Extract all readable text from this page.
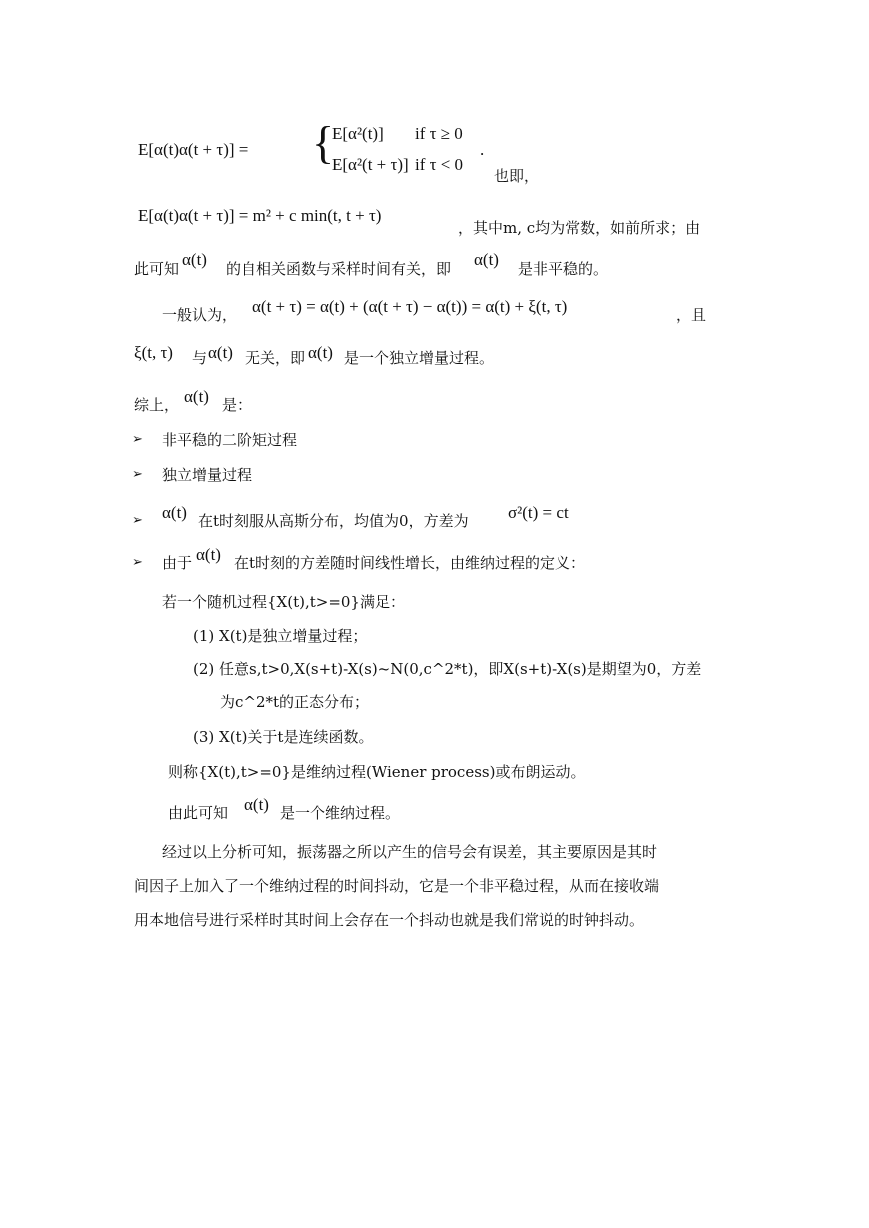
E[α(t)α(t + τ)] = {
E[α²(t)] if τ ≥ 0
E[α²(t + τ)] if τ < 0
.
也即，
E[α(t)α(t + τ)] = m² + c min(t, t + τ)
，其中m, c均为常数，如前所求；由
此可知 α(t) 的自相关函数与采样时间有关，即 α(t) 是非平稳的。
一般认为， α(t + τ) = α(t) + (α(t + τ) − α(t)) = α(t) + ξ(t, τ)	，且
ξ(t, τ) 与 α(t) 无关，即 α(t) 是一个独立增量过程。
综上， α(t) 是：
➢ 非平稳的二阶矩过程
➢ 独立增量过程
➢ α(t) 在t时刻服从高斯分布，均值为0，方差为 σ²(t) = ct
➢ 由于 α(t) 在t时刻的方差随时间线性增长，由维纳过程的定义：
若一个随机过程{X(t),t>=0}满足：
(1) X(t)是独立增量过程；
(2) 任意s,t>0,X(s+t)-X(s)~N(0,c^2*t)，即X(s+t)-X(s)是期望为0，方差
为c^2*t的正态分布；
(3) X(t)关于t是连续函数。
则称{X(t),t>=0}是维纳过程(Wiener process)或布朗运动。
由此可知 α(t) 是一个维纳过程。
经过以上分析可知，振荡器之所以产生的信号会有误差，其主要原因是其时
间因子上加入了一个维纳过程的时间抖动，它是一个非平稳过程，从而在接收端
用本地信号进行采样时其时间上会存在一个抖动也就是我们常说的时钟抖动。
